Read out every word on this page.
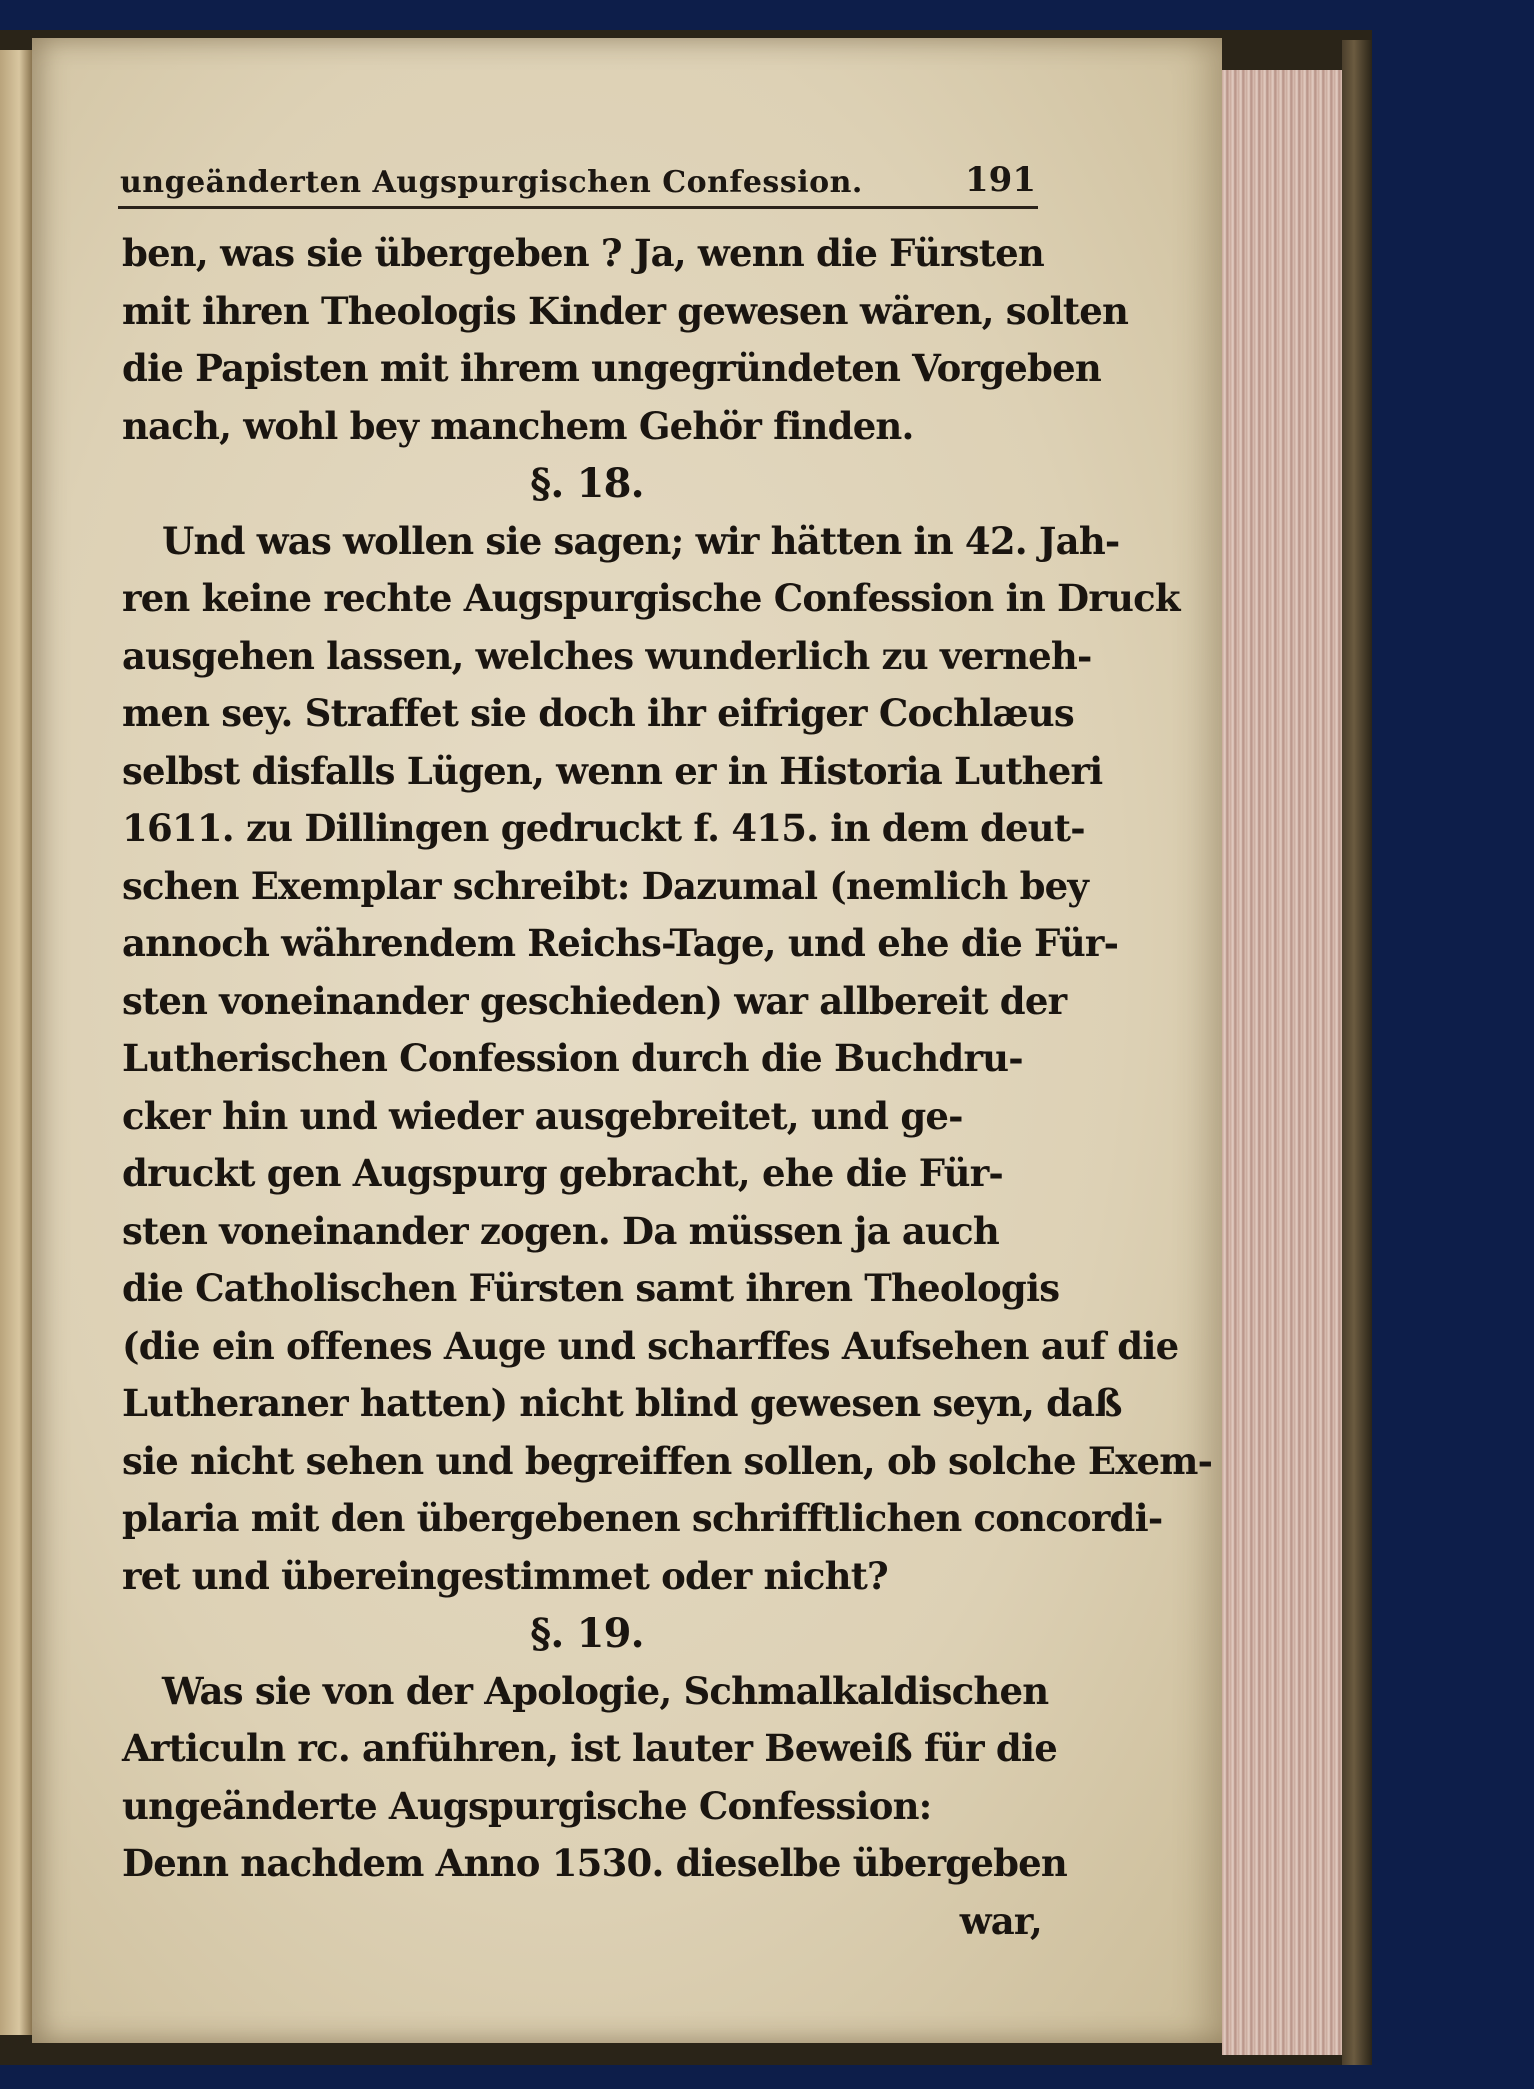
ungeänderten Augspurgischen Confession.	191
ben, was sie übergeben ? Ja, wenn die Fürsten
mit ihren Theologis Kinder gewesen wären, solten
die Papisten mit ihrem ungegründeten Vorgeben
nach, wohl bey manchem Gehör finden.
§. 18.
Und was wollen sie sagen; wir hätten in 42. Jah-
ren keine rechte Augspurgische Confession in Druck
ausgehen lassen, welches wunderlich zu verneh-
men sey. Straffet sie doch ihr eifriger Cochlæus
selbst disfalls Lügen, wenn er in Historia Lutheri
1611. zu Dillingen gedruckt f. 415. in dem deut-
schen Exemplar schreibt: Dazumal (nemlich bey
annoch währendem Reichs-Tage, und ehe die Für-
sten voneinander geschieden) war allbereit der
Lutherischen Confession durch die Buchdru-
cker hin und wieder ausgebreitet, und ge-
druckt gen Augspurg gebracht, ehe die Für-
sten voneinander zogen. Da müssen ja auch
die Catholischen Fürsten samt ihren Theologis
(die ein offenes Auge und scharffes Aufsehen auf die
Lutheraner hatten) nicht blind gewesen seyn, daß
sie nicht sehen und begreiffen sollen, ob solche Exem-
plaria mit den übergebenen schrifftlichen concordi-
ret und übereingestimmet oder nicht?
§. 19.
Was sie von der Apologie, Schmalkaldischen
Articuln rc. anführen, ist lauter Beweiß für die
ungeänderte Augspurgische Confession:
Denn nachdem Anno 1530. dieselbe übergeben
war,
